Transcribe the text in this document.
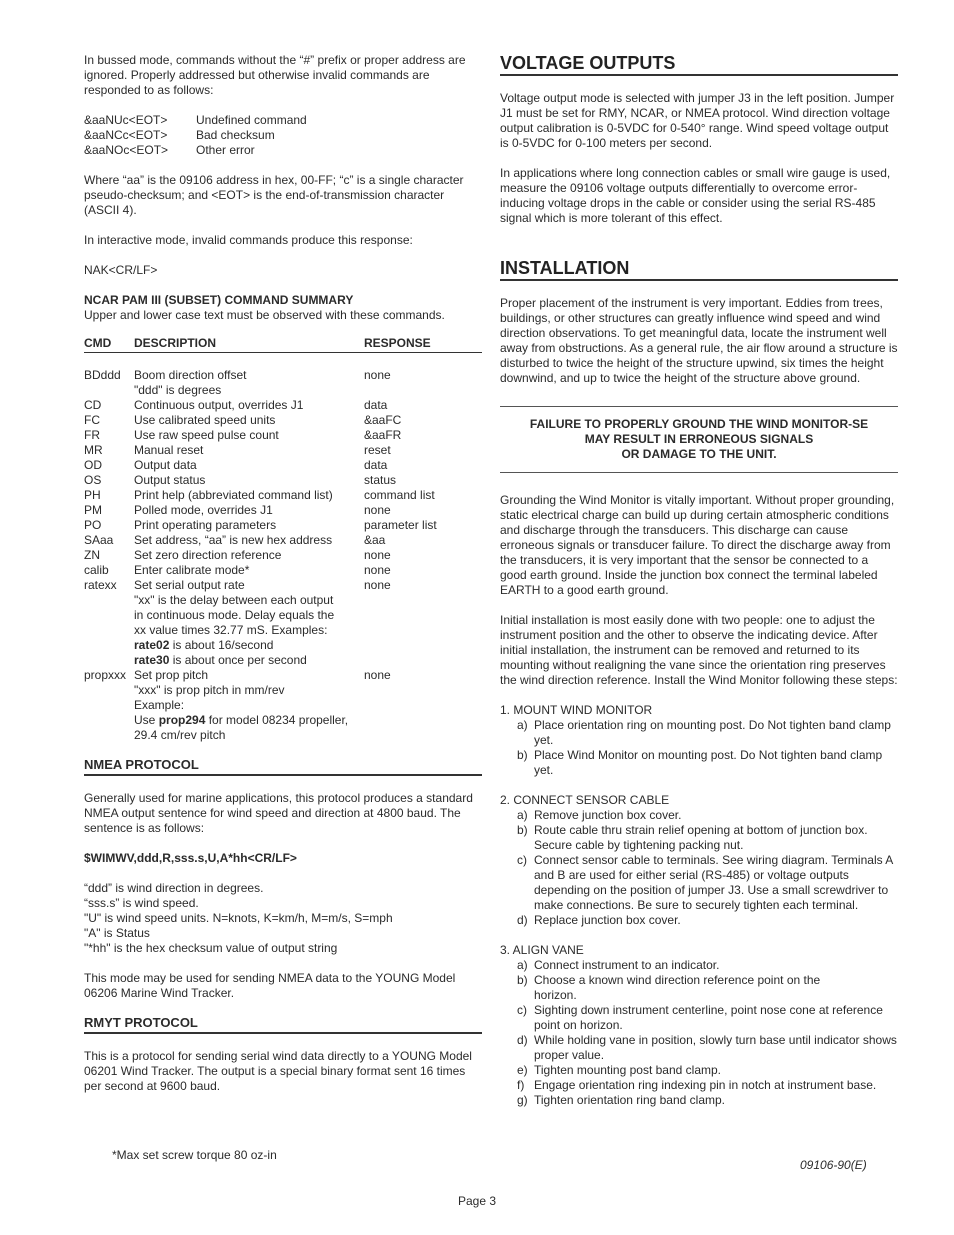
In bussed mode, commands without the “#” prefix or proper address are ignored. Properly addressed but otherwise invalid commands are responded to as follows:

&aaNUc<EOT>	Undefined command
&aaNCc<EOT>	Bad checksum
&aaNOc<EOT>	Other error

Where “aa” is the 09106 address in hex, 00-FF; “c” is a single character pseudo-checksum; and <EOT> is the end-of-transmission character (ASCII 4).

In interactive mode, invalid commands produce this response:

NAK<CR/LF>

NCAR PAM III (SUBSET) COMMAND SUMMARY

Upper and lower case text must be observed with these commands.

CMD	DESCRIPTION	RESPONSE
BDddd	Boom direction offset	none
"ddd" is degrees
CD	Continuous output, overrides J1	data
FC	Use calibrated speed units	&aaFC
FR	Use raw speed pulse count	&aaFR
MR	Manual reset	reset
OD	Output data	data
OS	Output status	status
PH	Print help (abbreviated command list)	command list
PM	Polled mode, overrides J1	none
PO	Print operating parameters	parameter list
SAaa	Set address, “aa” is new hex address	&aa
ZN	Set zero direction reference	none
calib	Enter calibrate mode*	none
ratexx	Set serial output rate	none
"xx" is the delay between each output
in continuous mode. Delay equals the
xx value times 32.77 mS. Examples:
rate02 is about 16/second
rate30 is about once per second
propxxx Set prop pitch	none
"xxx" is prop pitch in mm/rev
Example:
Use prop294 for model 08234 propeller,
29.4 cm/rev pitch
NMEA PROTOCOL

Generally used for marine applications, this protocol produces a standard NMEA output sentence for wind speed and direction at 4800 baud. The sentence is as follows:

$WIMWV,ddd,R,sss.s,U,A*hh<CR/LF>

“ddd” is wind direction in degrees.

“sss.s” is wind speed.

"U" is wind speed units. N=knots, K=km/h, M=m/s, S=mph

"A" is Status

"*hh" is the hex checksum value of output string

This mode may be used for sending NMEA data to the YOUNG Model 06206 Marine Wind Tracker.

RMYT PROTOCOL

This is a protocol for sending serial wind data directly to a YOUNG Model 06201 Wind Tracker. The output is a special binary format sent 16 times per second at 9600 baud.

VOLTAGE OUTPUTS

Voltage output mode is selected with jumper J3 in the left position. Jumper J1 must be set for RMY, NCAR, or NMEA protocol. Wind direction voltage output calibration is 0-5VDC for 0-540° range. Wind speed voltage output is 0-5VDC for 0-100 meters per second.

In applications where long connection cables or small wire gauge is used, measure the 09106 voltage outputs differentially to overcome error-inducing voltage drops in the cable or consider using the serial RS-485 signal which is more tolerant of this effect.

INSTALLATION

Proper placement of the instrument is very important. Eddies from trees, buildings, or other structures can greatly influence wind speed and wind direction observations. To get meaningful data, locate the instrument well away from obstructions. As a general rule, the air flow around a structure is disturbed to twice the height of the structure upwind, six times the height downwind, and up to twice the height of the structure above ground.

FAILURE TO PROPERLY GROUND THE WIND MONITOR-SE
MAY RESULT IN ERRONEOUS SIGNALS
OR DAMAGE TO THE UNIT.

Grounding the Wind Monitor is vitally important. Without proper grounding, static electrical charge can build up during certain atmospheric conditions and discharge through the transducers. This discharge can cause erroneous signals or transducer failure. To direct the discharge away from the transducers, it is very important that the sensor be connected to a good earth ground. Inside the junction box connect the terminal labeled EARTH to a good earth ground.

Initial installation is most easily done with two people: one to adjust the instrument position and the other to observe the indicating device. After initial installation, the instrument can be removed and returned to its mounting without realigning the vane since the orientation ring preserves the wind direction reference. Install the Wind Monitor following these steps:

1. MOUNT WIND MONITOR
a) Place orientation ring on mounting post. Do Not tighten band clamp yet.
b) Place Wind Monitor on mounting post. Do Not tighten band clamp yet.
2. CONNECT SENSOR CABLE
a) Remove junction box cover.
b) Route cable thru strain relief opening at bottom of junction box. Secure cable by tightening packing nut.
c) Connect sensor cable to terminals. See wiring diagram. Terminals A and B are used for either serial (RS-485) or voltage outputs depending on the position of jumper J3. Use a small screwdriver to make connections. Be sure to securely tighten each terminal.
d) Replace junction box cover.
3. ALIGN VANE
a) Connect instrument to an indicator.
b) Choose a known wind direction reference point on the
horizon.
c) Sighting down instrument centerline, point nose cone at reference point on horizon.
d) While holding vane in position, slowly turn base until indicator shows proper value.
e) Tighten mounting post band clamp.
f) Engage orientation ring indexing pin in notch at instrument base.
g) Tighten orientation ring band clamp.
*Max set screw torque 80 oz-in
09106-90(E)
Page 3
